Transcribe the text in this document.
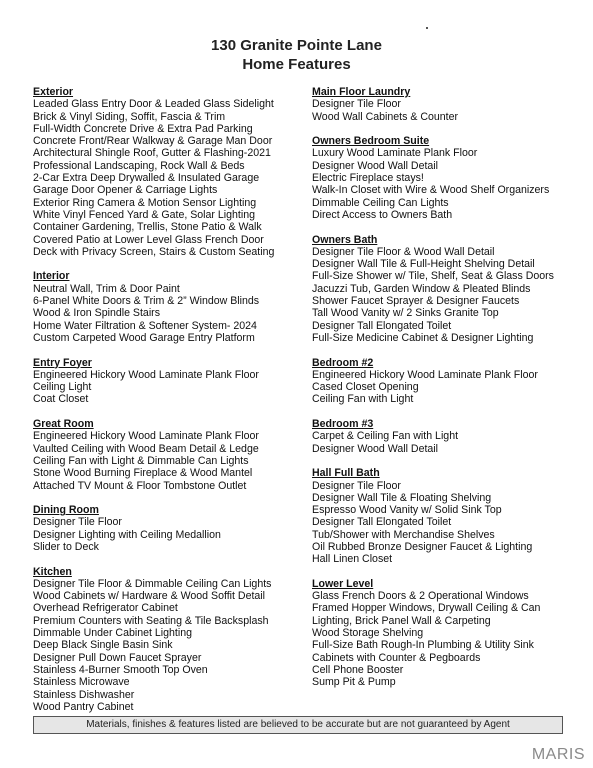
130 Granite Pointe Lane
Home Features
Exterior
Leaded Glass Entry Door & Leaded Glass Sidelight
Brick & Vinyl Siding, Soffit, Fascia & Trim
Full-Width Concrete Drive & Extra Pad Parking
Concrete Front/Rear Walkway & Garage Man Door
Architectural Shingle Roof, Gutter & Flashing-2021
Professional Landscaping, Rock Wall & Beds
2-Car Extra Deep Drywalled & Insulated Garage
Garage Door Opener & Carriage Lights
Exterior Ring Camera & Motion Sensor Lighting
White Vinyl Fenced Yard & Gate, Solar Lighting
Container Gardening, Trellis, Stone Patio & Walk
Covered Patio at Lower Level Glass French Door
Deck with Privacy Screen, Stairs & Custom Seating
Interior
Neutral Wall, Trim & Door Paint
6-Panel White Doors & Trim & 2” Window Blinds
Wood & Iron Spindle Stairs
Home Water Filtration & Softener System- 2024
Custom Carpeted Wood Garage Entry Platform
Entry Foyer
Engineered Hickory Wood Laminate Plank Floor
Ceiling Light
Coat Closet
Great Room
Engineered Hickory Wood Laminate Plank Floor
Vaulted Ceiling with Wood Beam Detail & Ledge
Ceiling Fan with Light & Dimmable Can Lights
Stone Wood Burning Fireplace & Wood Mantel
Attached TV Mount & Floor Tombstone Outlet
Dining Room
Designer Tile Floor
Designer Lighting with Ceiling Medallion
Slider to Deck
Kitchen
Designer Tile Floor & Dimmable Ceiling Can Lights
Wood Cabinets w/ Hardware & Wood Soffit Detail
Overhead Refrigerator Cabinet
Premium Counters with Seating & Tile Backsplash
Dimmable Under Cabinet Lighting
Deep Black Single Basin Sink
Designer Pull Down Faucet Sprayer
Stainless 4-Burner Smooth Top Oven
Stainless Microwave
Stainless Dishwasher
Wood Pantry Cabinet
Main Floor Laundry
Designer Tile Floor
Wood Wall Cabinets & Counter
Owners Bedroom Suite
Luxury Wood Laminate Plank Floor
Designer Wood Wall Detail
Electric Fireplace stays!
Walk-In Closet with Wire & Wood Shelf Organizers
Dimmable Ceiling Can Lights
Direct Access to Owners Bath
Owners Bath
Designer Tile Floor & Wood Wall Detail
Designer Wall Tile & Full-Height Shelving Detail
Full-Size Shower w/ Tile, Shelf, Seat & Glass Doors
Jacuzzi Tub, Garden Window & Pleated Blinds
Shower Faucet Sprayer & Designer Faucets
Tall Wood Vanity w/ 2 Sinks Granite Top
Designer Tall Elongated Toilet
Full-Size Medicine Cabinet & Designer Lighting
Bedroom #2
Engineered Hickory Wood Laminate Plank Floor
Cased Closet Opening
Ceiling Fan with Light
Bedroom #3
Carpet & Ceiling Fan with Light
Designer Wood Wall Detail
Hall Full Bath
Designer Tile Floor
Designer Wall Tile & Floating Shelving
Espresso Wood Vanity w/ Solid Sink Top
Designer Tall Elongated Toilet
Tub/Shower with Merchandise Shelves
Oil Rubbed Bronze Designer Faucet & Lighting
Hall Linen Closet
Lower Level
Glass French Doors & 2 Operational Windows
Framed Hopper Windows, Drywall Ceiling & Can
Lighting, Brick Panel Wall & Carpeting
Wood Storage Shelving
Full-Size Bath Rough-In Plumbing & Utility Sink
Cabinets with Counter & Pegboards
Cell Phone Booster
Sump Pit & Pump
Materials, finishes & features listed are believed to be accurate but are not guaranteed by Agent
MARIS
